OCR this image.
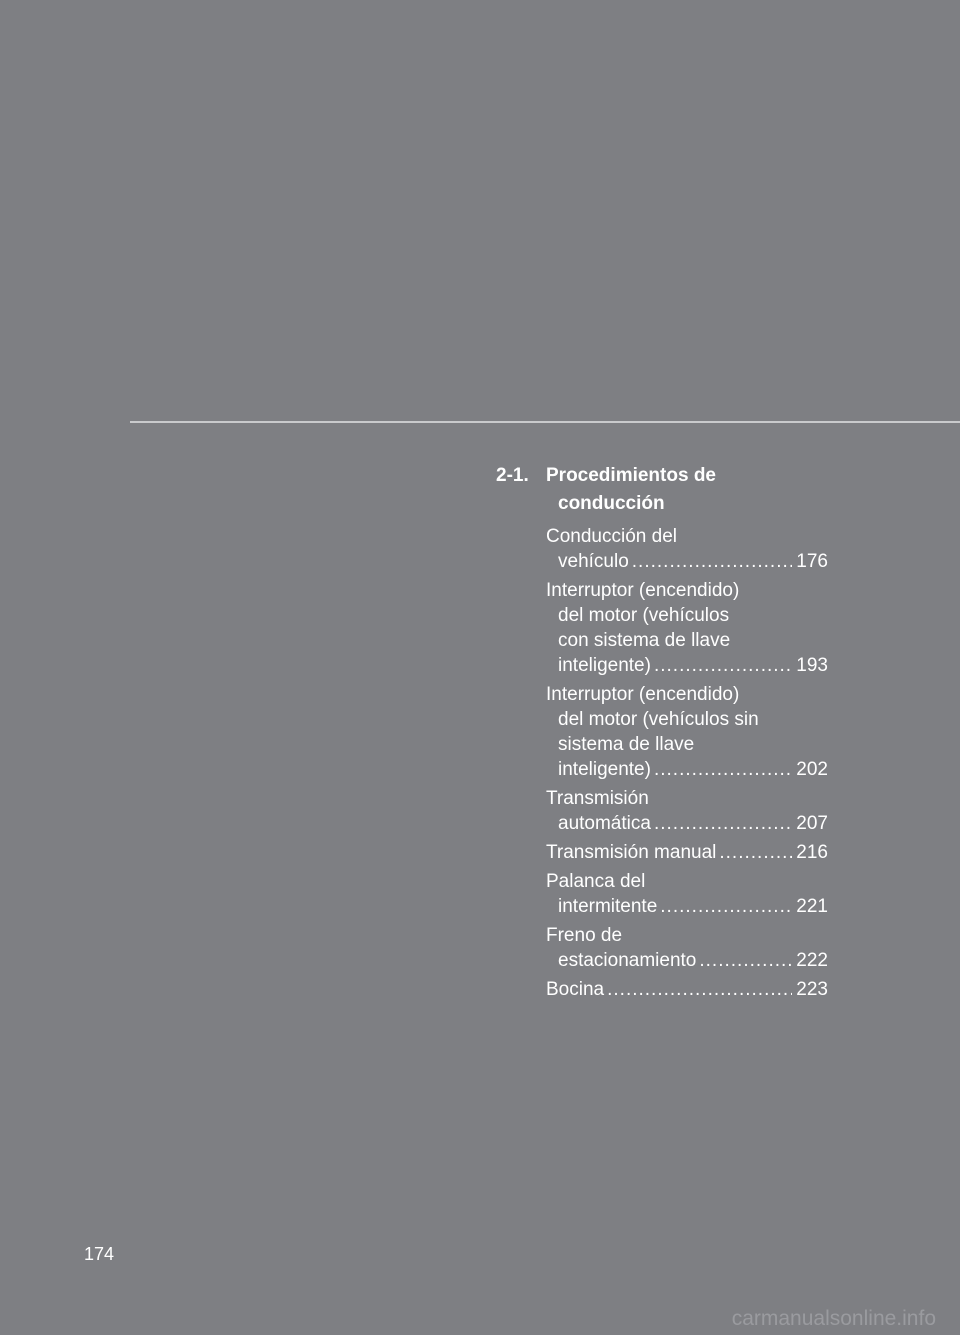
2-1. Procedimientos de
conducción
Conducción del
vehículo .....	176
Interruptor (encendido)
del motor (vehículos
con sistema de llave
inteligente) .....	193
Interruptor (encendido)
del motor (vehículos sin
sistema de llave
inteligente) .....	202
Transmisión
automática .....	207
Transmisión manual .....	216
Palanca del
intermitente .....	221
Freno de
estacionamiento .....	222
Bocina .....	223
174
carmanualsonline.info
